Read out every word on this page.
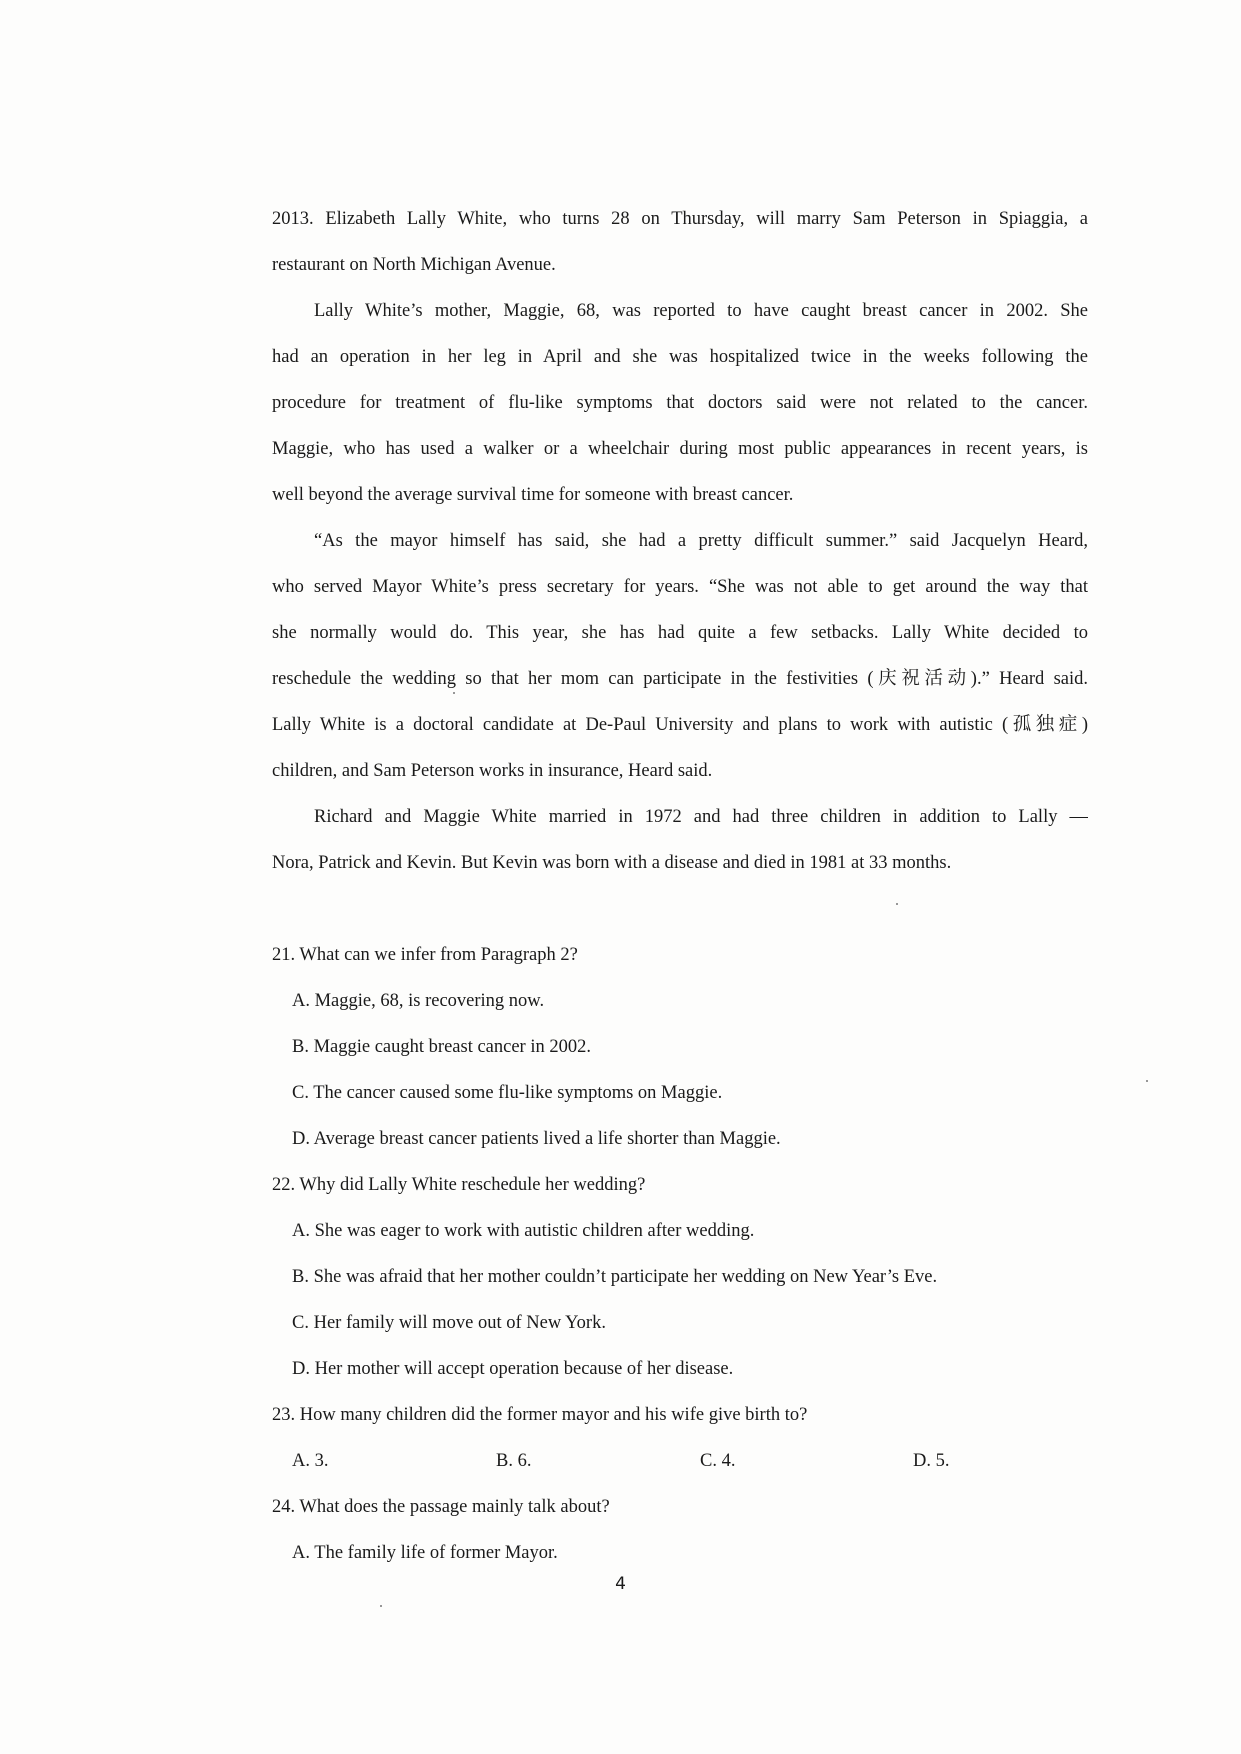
2013. Elizabeth Lally White, who turns 28 on Thursday, will marry Sam Peterson in Spiaggia, a
restaurant on North Michigan Avenue.
Lally White’s mother, Maggie, 68, was reported to have caught breast cancer in 2002. She
had an operation in her leg in April and she was hospitalized twice in the weeks following the
procedure for treatment of flu-like symptoms that doctors said were not related to the cancer.
Maggie, who has used a walker or a wheelchair during most public appearances in recent years, is
well beyond the average survival time for someone with breast cancer.
“As the mayor himself has said, she had a pretty difficult summer.” said Jacquelyn Heard,
who served Mayor White’s press secretary for years. “She was not able to get around the way that
she normally would do. This year, she has had quite a few setbacks. Lally White decided to
reschedule the wedding so that her mom can participate in the festivities (庆祝活动).” Heard said.
Lally White is a doctoral candidate at De-Paul University and plans to work with autistic (孤独症)
children, and Sam Peterson works in insurance, Heard said.
Richard and Maggie White married in 1972 and had three children in addition to Lally —
Nora, Patrick and Kevin. But Kevin was born with a disease and died in 1981 at 33 months.
21. What can we infer from Paragraph 2?
A. Maggie, 68, is recovering now.
B. Maggie caught breast cancer in 2002.
C. The cancer caused some flu-like symptoms on Maggie.
D. Average breast cancer patients lived a life shorter than Maggie.
22. Why did Lally White reschedule her wedding?
A. She was eager to work with autistic children after wedding.
B. She was afraid that her mother couldn’t participate her wedding on New Year’s Eve.
C. Her family will move out of New York.
D. Her mother will accept operation because of her disease.
23. How many children did the former mayor and his wife give birth to?
A. 3.	B. 6.	C. 4.	D. 5.
24. What does the passage mainly talk about?
A. The family life of former Mayor.
4
